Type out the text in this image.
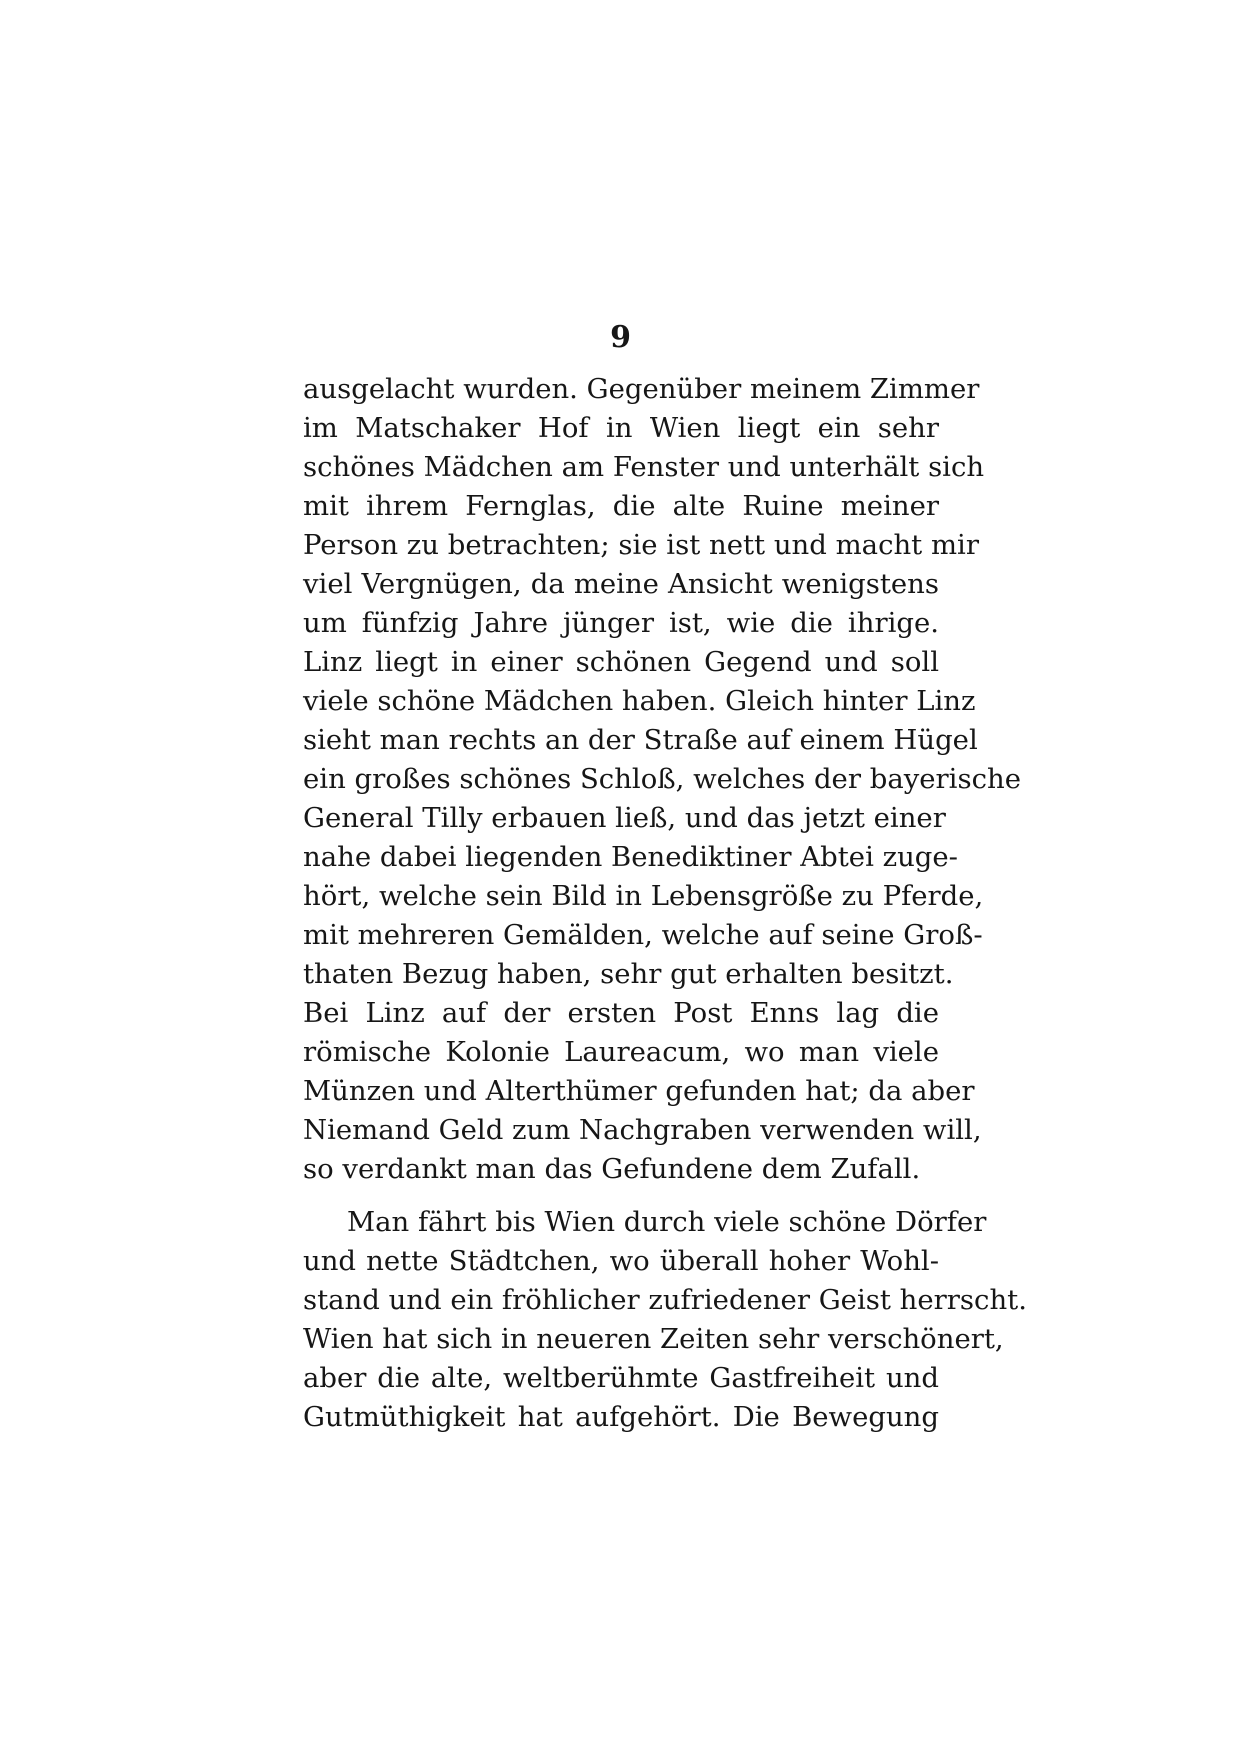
9
ausgelacht wurden. Gegenüber meinem Zimmer
im Matschaker Hof in Wien liegt ein sehr
schönes Mädchen am Fenster und unterhält sich
mit ihrem Fernglas, die alte Ruine meiner
Person zu betrachten; sie ist nett und macht mir
viel Vergnügen, da meine Ansicht wenigstens
um fünfzig Jahre jünger ist, wie die ihrige.
Linz liegt in einer schönen Gegend und soll
viele schöne Mädchen haben. Gleich hinter Linz
sieht man rechts an der Straße auf einem Hügel
ein großes schönes Schloß, welches der bayerische
General Tilly erbauen ließ, und das jetzt einer
nahe dabei liegenden Benediktiner Abtei zuge-
hört, welche sein Bild in Lebensgröße zu Pferde,
mit mehreren Gemälden, welche auf seine Groß-
thaten Bezug haben, sehr gut erhalten besitzt.
Bei Linz auf der ersten Post Enns lag die
römische Kolonie Laureacum, wo man viele
Münzen und Alterthümer gefunden hat; da aber
Niemand Geld zum Nachgraben verwenden will,
so verdankt man das Gefundene dem Zufall.
Man fährt bis Wien durch viele schöne Dörfer
und nette Städtchen, wo überall hoher Wohl-
stand und ein fröhlicher zufriedener Geist herrscht.
Wien hat sich in neueren Zeiten sehr verschönert,
aber die alte, weltberühmte Gastfreiheit und
Gutmüthigkeit hat aufgehört. Die Bewegung
